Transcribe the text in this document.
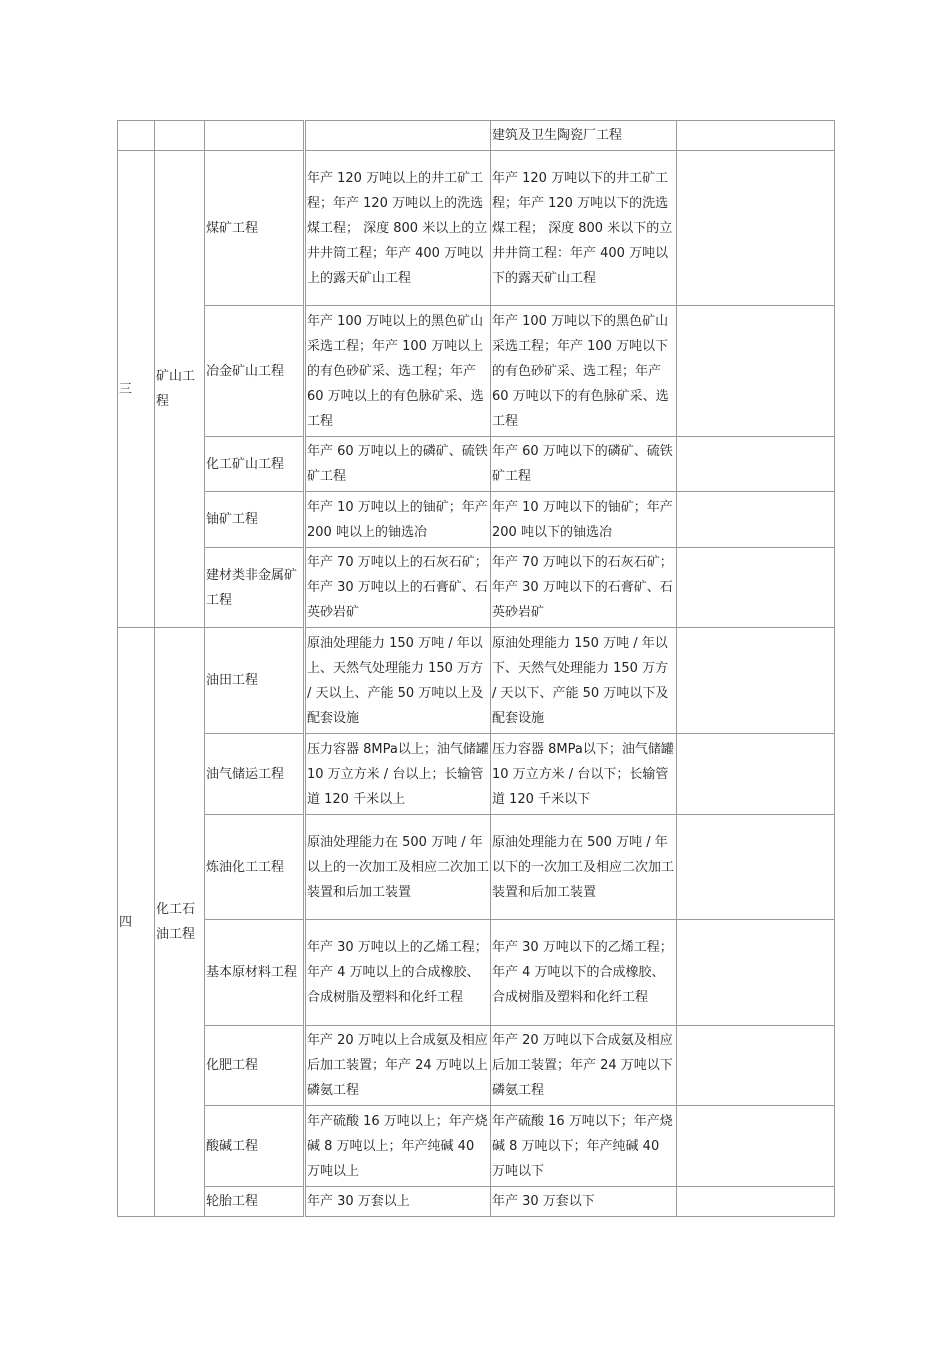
				建筑及卫生陶瓷厂工程	
三	矿山工程	煤矿工程	年产 120 万吨以上的井工矿工程；年产 120 万吨以上的洗选煤工程； 深度 800 米以上的立井井筒工程；年产 400 万吨以上的露天矿山工程	年产 120 万吨以下的井工矿工程；年产 120 万吨以下的洗选煤工程； 深度 800 米以下的立井井筒工程：年产 400 万吨以下的露天矿山工程	
		冶金矿山工程	年产 100 万吨以上的黑色矿山采选工程；年产 100 万吨以上的有色砂矿采、选工程；年产 60 万吨以上的有色脉矿采、选工程	年产 100 万吨以下的黑色矿山采选工程；年产 100 万吨以下的有色砂矿采、选工程；年产 60 万吨以下的有色脉矿采、选工程	
		化工矿山工程	年产 60 万吨以上的磷矿、硫铁矿工程	年产 60 万吨以下的磷矿、硫铁矿工程	
		铀矿工程	年产 10 万吨以上的铀矿；年产 200 吨以上的铀选冶	年产 10 万吨以下的铀矿；年产 200 吨以下的铀选冶	
		建材类非金属矿工程	年产 70 万吨以上的石灰石矿；年产 30 万吨以上的石膏矿、石英砂岩矿	年产 70 万吨以下的石灰石矿；年产 30 万吨以下的石膏矿、石英砂岩矿	
四	化工石油工程	油田工程	原油处理能力 150 万吨 / 年以上、天然气处理能力 150 万方 / 天以上、产能 50 万吨以上及配套设施	原油处理能力 150 万吨 / 年以下、天然气处理能力 150 万方 / 天以下、产能 50 万吨以下及配套设施	
		油气储运工程	压力容器 8MPa以上；油气储罐 10 万立方米 / 台以上；长输管道 120 千米以上	压力容器 8MPa以下；油气储罐 10 万立方米 / 台以下；长输管道 120 千米以下	
		炼油化工工程	原油处理能力在 500 万吨 / 年以上的一次加工及相应二次加工装置和后加工装置	原油处理能力在 500 万吨 / 年以下的一次加工及相应二次加工装置和后加工装置	
		基本原材料工程	年产 30 万吨以上的乙烯工程；年产 4 万吨以上的合成橡胶、合成树脂及塑料和化纤工程	年产 30 万吨以下的乙烯工程；年产 4 万吨以下的合成橡胶、合成树脂及塑料和化纤工程	
		化肥工程	年产 20 万吨以上合成氨及相应后加工装置；年产 24 万吨以上磷氨工程	年产 20 万吨以下合成氨及相应后加工装置；年产 24 万吨以下磷氨工程	
		酸碱工程	年产硫酸 16 万吨以上；年产烧碱 8 万吨以上；年产纯碱 40 万吨以上	年产硫酸 16 万吨以下；年产烧碱 8 万吨以下；年产纯碱 40 万吨以下	
		轮胎工程	年产 30 万套以上	年产 30 万套以下	
